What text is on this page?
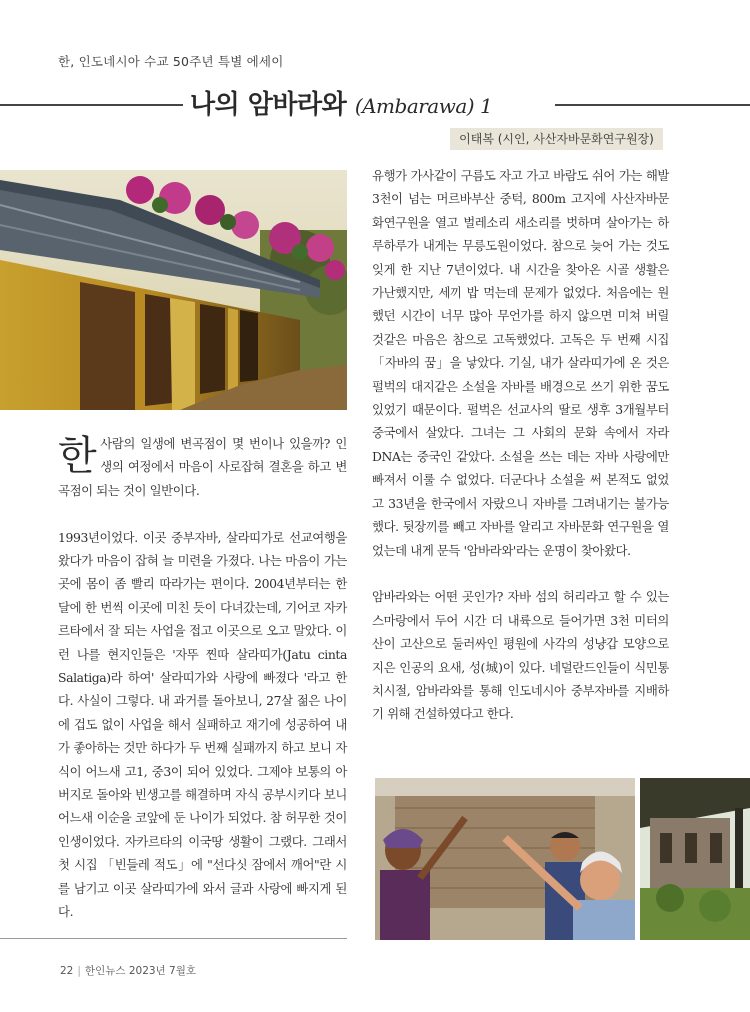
한, 인도네시아 수교 50주년 특별 에세이
나의 암바라와 (Ambarawa) 1
이태복 (시인, 사산자바문화연구원장)

한사람의 일생에 변곡점이 몇 번이나 있을까? 인생의 여정에서 마음이 사로잡혀 결혼을 하고 변곡점이 되는 것이 일반이다.

1993년이었다. 이곳 중부자바, 살라띠가로 선교여행을 왔다가 마음이 잡혀 늘 미련을 가졌다. 나는 마음이 가는 곳에 몸이 좀 빨리 따라가는 편이다. 2004년부터는 한 달에 한 번씩 이곳에 미친 듯이 다녀갔는데, 기어코 자카르타에서 잘 되는 사업을 접고 이곳으로 오고 말았다. 이런 나를 현지인들은 '자뚜 찐따 살라띠가(Jatu cinta Salatiga)라 하여' 살라띠가와 사랑에 빠졌다 '라고 한다. 사실이 그렇다. 내 과거를 돌아보니, 27살 젊은 나이에 겁도 없이 사업을 해서 실패하고 재기에 성공하여 내가 좋아하는 것만 하다가 두 번째 실패까지 하고 보니 자식이 어느새 고1, 중3이 되어 있었다. 그제야 보통의 아버지로 돌아와 빈생고를 해결하며 자식 공부시키다 보니 어느새 이순을 코앞에 둔 나이가 되었다. 참 허무한 것이 인생이었다. 자카르타의 이국땅 생활이 그랬다. 그래서 첫 시집 「빈들레 적도」에 "선다싯 잠에서 깨어"란 시를 남기고 이곳 살라띠가에 와서 글과 사랑에 빠지게 된다.

유행가 가사같이 구름도 자고 가고 바람도 쉬어 가는 해발 3천이 넘는 머르바부산 중턱, 800m 고지에 사산자바문화연구원을 열고 벌레소리 새소리를 벗하며 살아가는 하루하루가 내게는 무릉도원이었다. 참으로 늦어 가는 것도 잊게 한 지난 7년이었다. 내 시간을 찾아온 시골 생활은 가난했지만, 세끼 밥 먹는데 문제가 없었다. 처음에는 원했던 시간이 너무 많아 무언가를 하지 않으면 미쳐 버릴 것같은 마음은 참으로 고독했었다. 고독은 두 번째 시집 「자바의 꿈」을 낳았다. 기실, 내가 살라띠가에 온 것은 펄벅의 대지같은 소설을 자바를 배경으로 쓰기 위한 꿈도 있었기 때문이다. 펄벅은 선교사의 딸로 생후 3개월부터 중국에서 살았다. 그녀는 그 사회의 문화 속에서 자라 DNA는 중국인 같았다. 소설을 쓰는 데는 자바 사랑에만 빠져서 이룰 수 없었다. 더군다나 소설을 써 본적도 없었고 33년을 한국에서 자랐으니 자바를 그려내기는 불가능했다. 뒷장끼를 빼고 자바를 알리고 자바문화 연구원을 열었는데 내게 문득 '암바라와'라는 운명이 찾아왔다.

암바라와는 어떤 곳인가? 자바 섬의 허리라고 할 수 있는 스마랑에서 두어 시간 더 내륙으로 들어가면 3천 미터의 산이 고산으로 둘러싸인 평원에 사각의 성냥갑 모양으로 지은 인공의 요새, 성(城)이 있다. 네덜란드인들이 식민통치시절, 암바라와를 통해 인도네시아 중부자바를 지배하기 위해 건설하였다고 한다.

22 | 한인뉴스 2023년 7월호
